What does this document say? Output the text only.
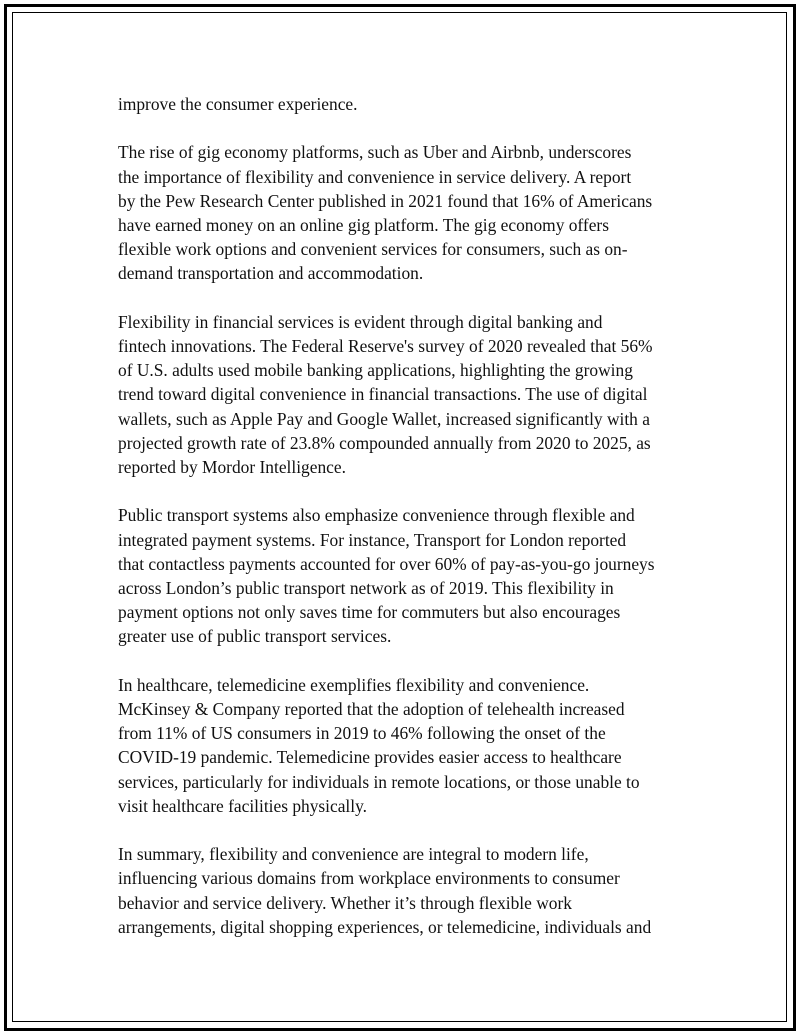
improve the consumer experience.

The rise of gig economy platforms, such as Uber and Airbnb, underscores
the importance of flexibility and convenience in service delivery. A report
by the Pew Research Center published in 2021 found that 16% of Americans
have earned money on an online gig platform. The gig economy offers
flexible work options and convenient services for consumers, such as on-
demand transportation and accommodation.

Flexibility in financial services is evident through digital banking and
fintech innovations. The Federal Reserve's survey of 2020 revealed that 56%
of U.S. adults used mobile banking applications, highlighting the growing
trend toward digital convenience in financial transactions. The use of digital
wallets, such as Apple Pay and Google Wallet, increased significantly with a
projected growth rate of 23.8% compounded annually from 2020 to 2025, as
reported by Mordor Intelligence.

Public transport systems also emphasize convenience through flexible and
integrated payment systems. For instance, Transport for London reported
that contactless payments accounted for over 60% of pay-as-you-go journeys
across London’s public transport network as of 2019. This flexibility in
payment options not only saves time for commuters but also encourages
greater use of public transport services.

In healthcare, telemedicine exemplifies flexibility and convenience.
McKinsey & Company reported that the adoption of telehealth increased
from 11% of US consumers in 2019 to 46% following the onset of the
COVID-19 pandemic. Telemedicine provides easier access to healthcare
services, particularly for individuals in remote locations, or those unable to
visit healthcare facilities physically.

In summary, flexibility and convenience are integral to modern life,
influencing various domains from workplace environments to consumer
behavior and service delivery. Whether it’s through flexible work
arrangements, digital shopping experiences, or telemedicine, individuals and
